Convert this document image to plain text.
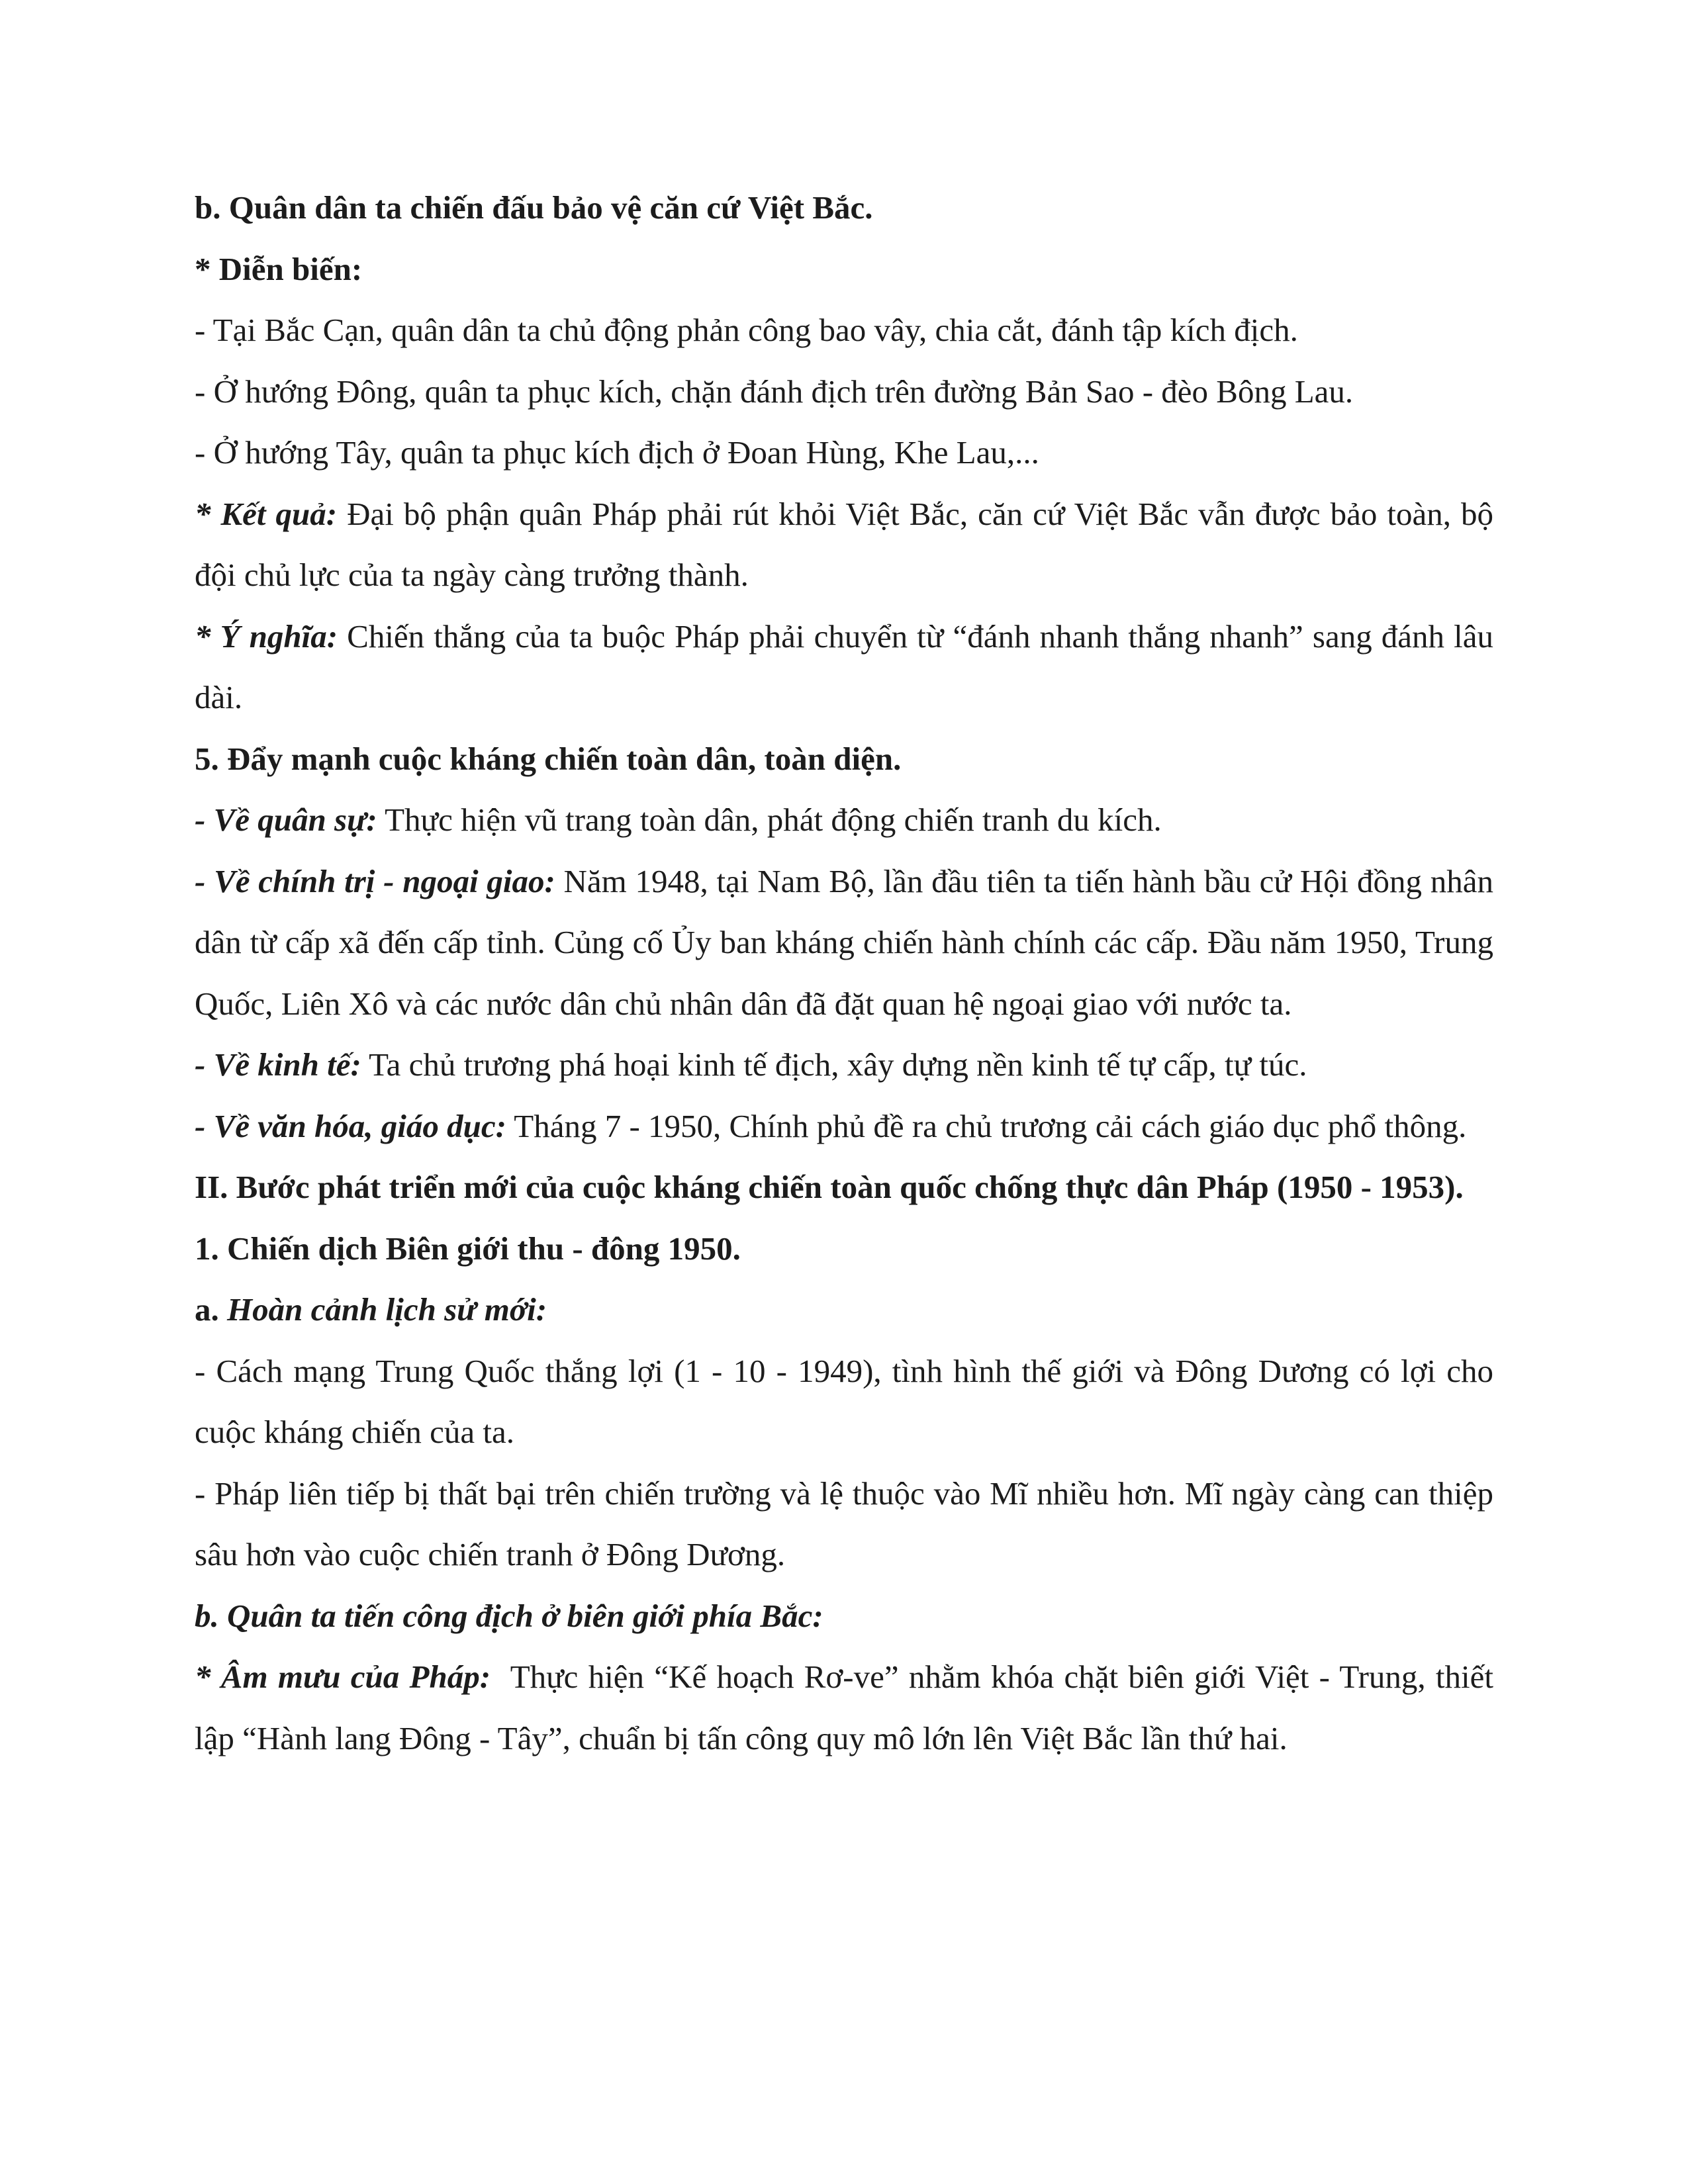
b. Quân dân ta chiến đấu bảo vệ căn cứ Việt Bắc.

* Diễn biến:

- Tại Bắc Cạn, quân dân ta chủ động phản công bao vây, chia cắt, đánh tập kích địch.

- Ở hướng Đông, quân ta phục kích, chặn đánh địch trên đường Bản Sao - đèo Bông Lau.

- Ở hướng Tây, quân ta phục kích địch ở Đoan Hùng, Khe Lau,...

* Kết quả: Đại bộ phận quân Pháp phải rút khỏi Việt Bắc, căn cứ Việt Bắc vẫn được bảo toàn, bộ đội chủ lực của ta ngày càng trưởng thành.

* Ý nghĩa: Chiến thắng của ta buộc Pháp phải chuyển từ “đánh nhanh thắng nhanh” sang đánh lâu dài.

5. Đẩy mạnh cuộc kháng chiến toàn dân, toàn diện.

- Về quân sự: Thực hiện vũ trang toàn dân, phát động chiến tranh du kích.

- Về chính trị - ngoại giao: Năm 1948, tại Nam Bộ, lần đầu tiên ta tiến hành bầu cử Hội đồng nhân dân từ cấp xã đến cấp tỉnh. Củng cố Ủy ban kháng chiến hành chính các cấp. Đầu năm 1950, Trung Quốc, Liên Xô và các nước dân chủ nhân dân đã đặt quan hệ ngoại giao với nước ta.

- Về kinh tế: Ta chủ trương phá hoại kinh tế địch, xây dựng nền kinh tế tự cấp, tự túc.

- Về văn hóa, giáo dục: Tháng 7 - 1950, Chính phủ đề ra chủ trương cải cách giáo dục phổ thông.

II. Bước phát triển mới của cuộc kháng chiến toàn quốc chống thực dân Pháp (1950 - 1953).

1. Chiến dịch Biên giới thu - đông 1950.

a. Hoàn cảnh lịch sử mới:

- Cách mạng Trung Quốc thắng lợi (1 - 10 - 1949), tình hình thế giới và Đông Dương có lợi cho cuộc kháng chiến của ta.

- Pháp liên tiếp bị thất bại trên chiến trường và lệ thuộc vào Mĩ nhiều hơn. Mĩ ngày càng can thiệp sâu hơn vào cuộc chiến tranh ở Đông Dương.

b. Quân ta tiến công địch ở biên giới phía Bắc:

* Âm mưu của Pháp:  Thực hiện “Kế hoạch Rơ-ve” nhằm khóa chặt biên giới Việt - Trung, thiết lập “Hành lang Đông - Tây”, chuẩn bị tấn công quy mô lớn lên Việt Bắc lần thứ hai.
